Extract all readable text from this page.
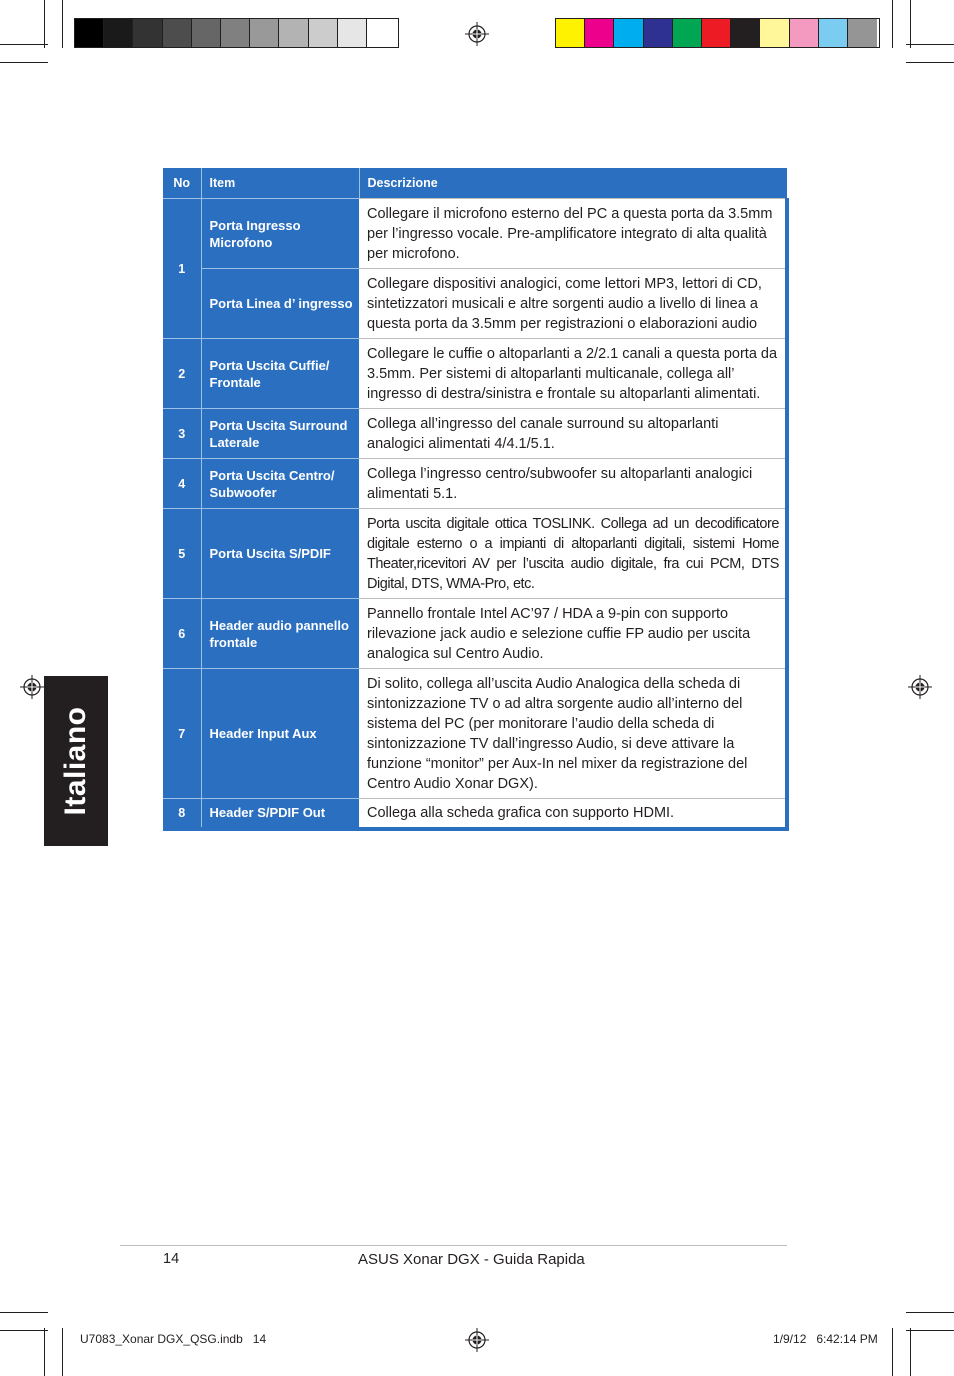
Italiano
No	Item	Descrizione
1	Porta Ingresso Microfono	Collegare il microfono esterno del PC a questa porta da 3.5mm per l’ingresso vocale. Pre-amplificatore integrato di alta qualità per microfono.
	Porta Linea d’ ingresso	Collegare dispositivi analogici, come lettori MP3, lettori di CD, sintetizzatori musicali e altre sorgenti audio a livello di linea a questa porta da 3.5mm per registrazioni o elaborazioni audio
2	Porta Uscita Cuffie/ Frontale	Collegare le cuffie o altoparlanti a 2/2.1 canali a questa porta da 3.5mm. Per sistemi di altoparlanti multicanale, collega all’ ingresso di destra/sinistra e frontale su altoparlanti alimentati.
3	Porta Uscita Surround Laterale	Collega all’ingresso del canale surround su altoparlanti analogici alimentati 4/4.1/5.1.
4	Porta Uscita Centro/ Subwoofer	Collega l’ingresso centro/subwoofer su altoparlanti analogici alimentati 5.1.
5	Porta Uscita S/PDIF	Porta uscita digitale ottica TOSLINK. Collega ad un decodificatore digitale esterno o a impianti di altoparlanti digitali, sistemi Home Theater,ricevitori AV per l’uscita audio digitale, fra cui PCM, DTS Digital, DTS, WMA-Pro, etc.
6	Header audio pannello frontale	Pannello frontale Intel AC’97 / HDA a 9-pin con supporto rilevazione jack audio e selezione cuffie FP audio per uscita analogica sul Centro Audio.
7	Header Input Aux	Di solito, collega all’uscita Audio Analogica della scheda di sintonizzazione TV o ad altra sorgente audio all’interno del sistema del PC (per monitorare l’audio della scheda di sintonizzazione TV dall’ingresso Audio, si deve attivare la funzione “monitor” per Aux-In nel mixer da registrazione del Centro Audio Xonar DGX).
8	Header S/PDIF Out	Collega alla scheda grafica con supporto HDMI.
14	ASUS Xonar DGX - Guida Rapida
U7083_Xonar DGX_QSG.indb   14	1/9/12   6:42:14 PM
